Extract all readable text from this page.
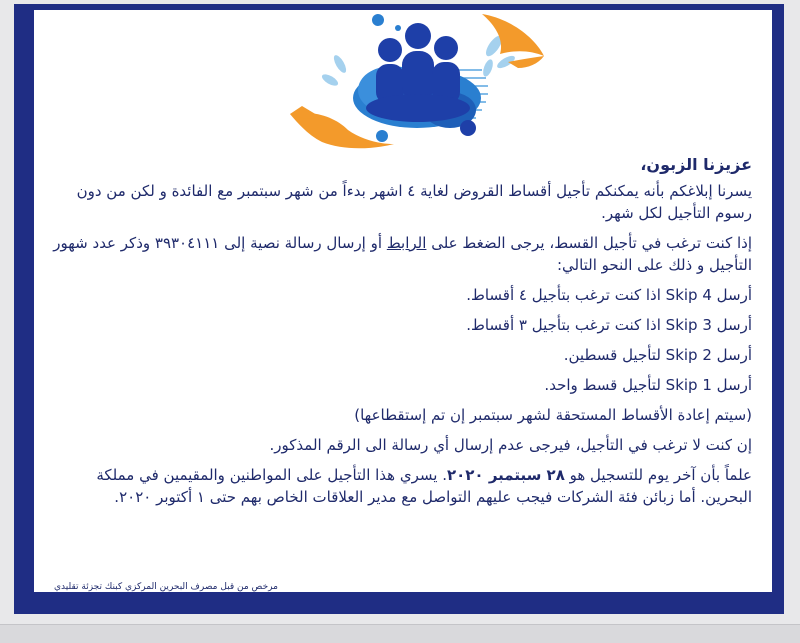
عزيزنا الزبون،

يسرنا إبلاغكم بأنه يمكنكم تأجيل أقساط القروض لغاية ٤ اشهر بدءاً من شهر سبتمبر مع الفائدة و لكن من دون رسوم التأجيل لكل شهر.

إذا كنت ترغب في تأجيل القسط، يرجى الضغط على الرابط أو إرسال رسالة نصية إلى ٣٩٣٠٤١١١ وذكر عدد شهور التأجيل و ذلك على النحو التالي:

أرسل Skip 4 اذا كنت ترغب بتأجيل ٤ أقساط.

أرسل Skip 3 اذا كنت ترغب بتأجيل ٣ أقساط.

أرسل Skip 2 لتأجيل قسطين.

أرسل Skip 1 لتأجيل قسط واحد.

(سيتم إعادة الأقساط المستحقة لشهر سبتمبر إن تم إستقطاعها)

إن كنت لا ترغب في التأجيل، فيرجى عدم إرسال أي رسالة الى الرقم المذكور.

علماً بأن آخر يوم للتسجيل هو ٢٨ سبتمبر ٢٠٢٠. يسري هذا التأجيل على المواطنين والمقيمين في مملكة البحرين. أما زبائن فئة الشركات فيجب عليهم التواصل مع مدير العلاقات الخاص بهم حتى ١ أكتوبر ٢٠٢٠.

مرخص من قبل مصرف البحرين المركزي كبنك تجزئة تقليدي
